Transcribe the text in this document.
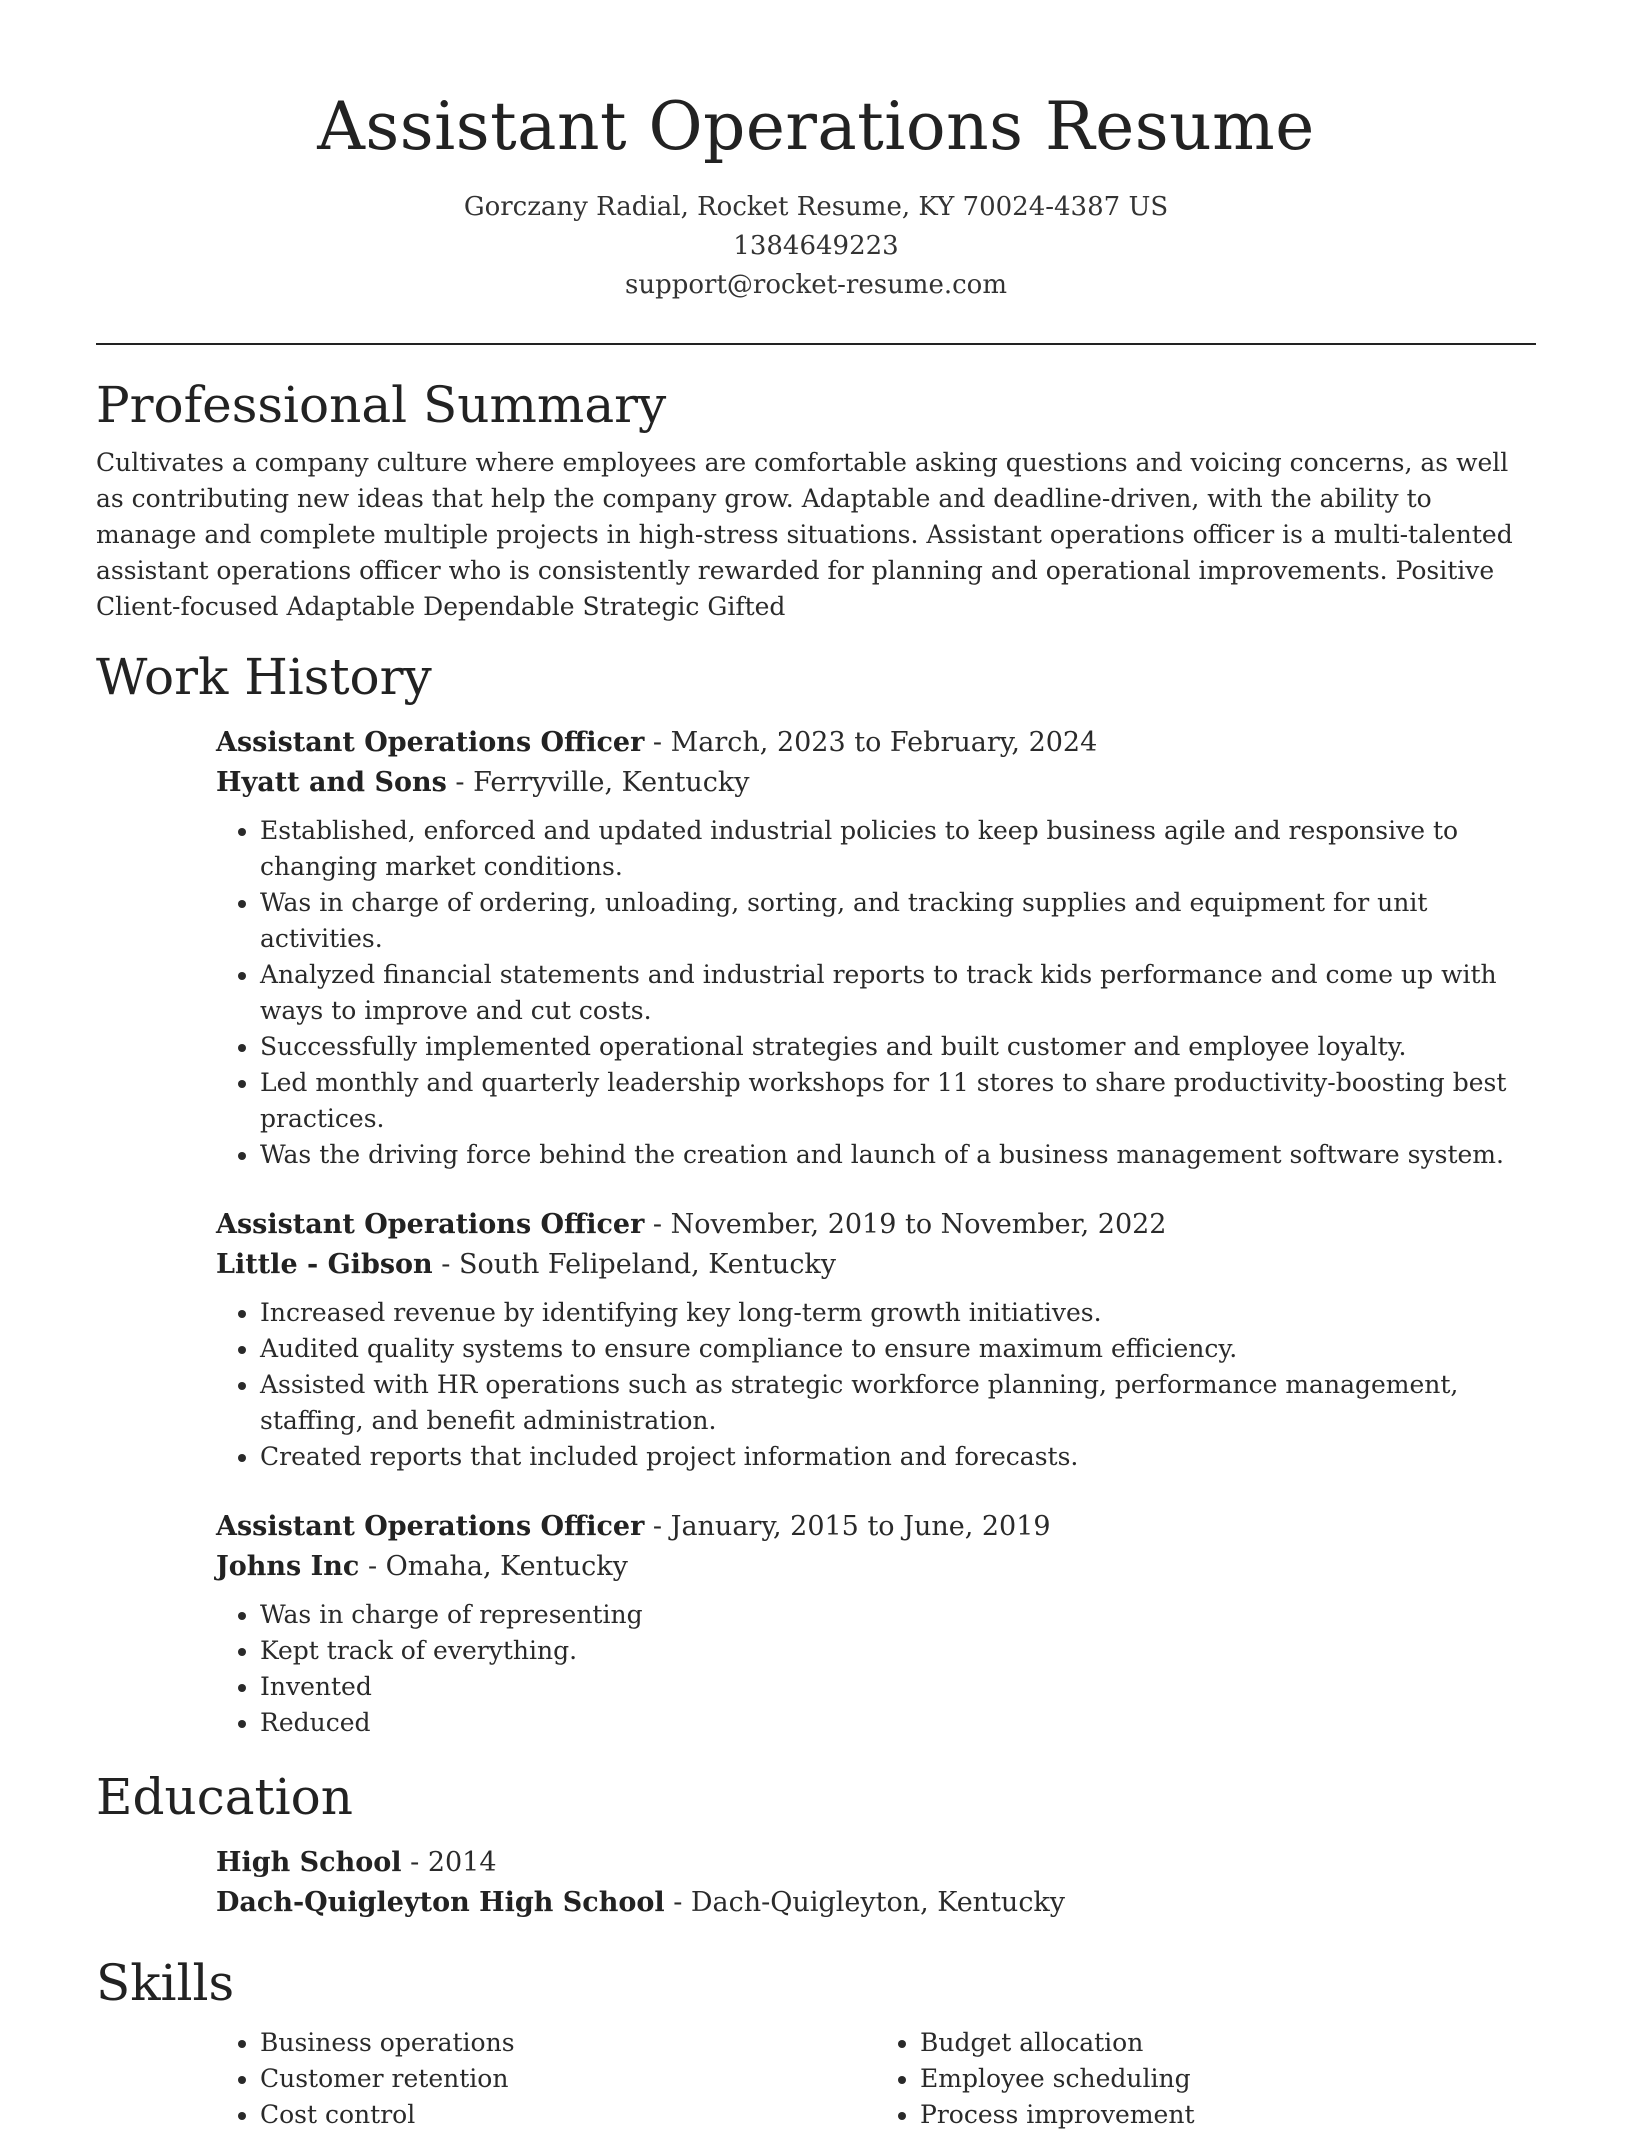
Assistant Operations Resume
Gorczany Radial, Rocket Resume, KY 70024-4387 US
1384649223
support@rocket-resume.com
Professional Summary

Cultivates a company culture where employees are comfortable asking questions and voicing concerns, as well as contributing new ideas that help the company grow. Adaptable and deadline-driven, with the ability to manage and complete multiple projects in high-stress situations. Assistant operations officer is a multi-talented assistant operations officer who is consistently rewarded for planning and operational improvements. Positive Client-focused Adaptable Dependable Strategic Gifted

Work History
Assistant Operations Officer - March, 2023 to February, 2024
Hyatt and Sons - Ferryville, Kentucky
• Established, enforced and updated industrial policies to keep business agile and responsive to changing market conditions.
• Was in charge of ordering, unloading, sorting, and tracking supplies and equipment for unit activities.
• Analyzed financial statements and industrial reports to track kids performance and come up with ways to improve and cut costs.
• Successfully implemented operational strategies and built customer and employee loyalty.
• Led monthly and quarterly leadership workshops for 11 stores to share productivity-boosting best practices.
• Was the driving force behind the creation and launch of a business management software system.
Assistant Operations Officer - November, 2019 to November, 2022
Little - Gibson - South Felipeland, Kentucky
• Increased revenue by identifying key long-term growth initiatives.
• Audited quality systems to ensure compliance to ensure maximum efficiency.
• Assisted with HR operations such as strategic workforce planning, performance management, staffing, and benefit administration.
• Created reports that included project information and forecasts.
Assistant Operations Officer - January, 2015 to June, 2019
Johns Inc - Omaha, Kentucky
• Was in charge of representing
• Kept track of everything.
• Invented
• Reduced
Education
High School - 2014
Dach-Quigleyton High School - Dach-Quigleyton, Kentucky
Skills
• Business operations
• Customer retention
• Cost control
• Budget allocation
• Employee scheduling
• Process improvement
